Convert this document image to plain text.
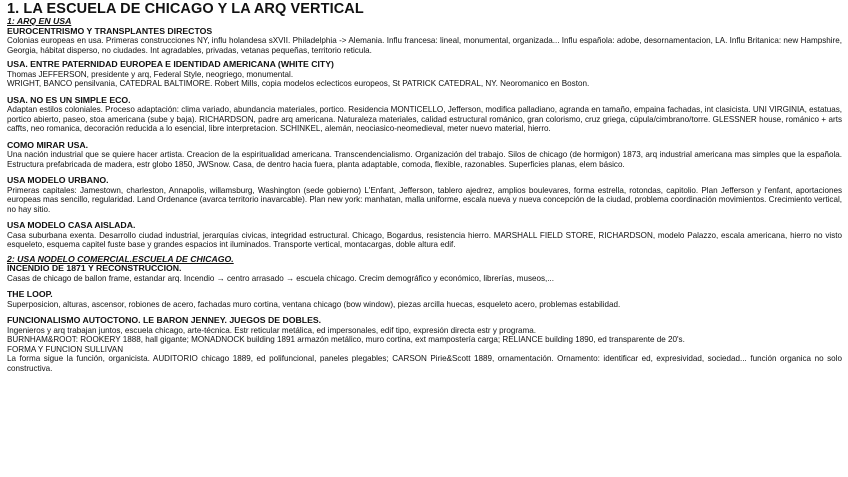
1. LA ESCUELA DE CHICAGO Y LA ARQ VERTICAL
1: ARQ EN USA
EUROCENTRISMO Y TRANSPLANTES DIRECTOS
Colonias europeas en usa. Primeras construcciones NY, influ holandesa sXVII. Philadelphia -> Alemania. Influ francesa: lineal, monumental, organizada... Influ española: adobe, desornamentacion, LA. Influ Britanica: new Hampshire, Georgia, hábitat disperso, no ciudades. Int agradables, privadas, vetanas pequeñas, territorio reticula.
USA. ENTRE PATERNIDAD EUROPEA E IDENTIDAD AMERICANA (WHITE CITY)
Thomas JEFFERSON, presidente y arq, Federal Style, neogriego, monumental.
WRIGHT, BANCO pensilvania, CATEDRAL BALTIMORE. Robert Mills, copia modelos eclecticos europeos, St PATRICK CATEDRAL, NY. Neoromanico en Boston.
USA. NO ES UN SIMPLE ECO.
Adaptan estilos coloniales. Proceso adaptación: clima variado, abundancia materiales, portico. Residencia MONTICELLO, Jefferson, modifica palladiano, agranda en tamaño, empaina fachadas, int clasicista. UNI VIRGINIA, estatuas, portico abierto, paseo, stoa americana (sube y baja). RICHARDSON, padre arq americana. Naturaleza materiales, calidad estructural románico, gran colorismo, cruz griega, cúpula/cimbrano/torre. GLESSNER house, románico + arts caffts, neo romanica, decoración reducida a lo esencial, libre interpretacion. SCHINKEL, alemán, neociasico-neomedieval, meter nuevo material, hierro.
COMO MIRAR USA.
Una nación industrial que se quiere hacer artista. Creacion de la espiritualidad americana. Transcendencialismo. Organización del trabajo. Silos de chicago (de hormigon) 1873, arq industrial americana mas simples que la española. Estructura prefabricada de madera, estr globo 1850, JWSnow. Casa, de dentro hacia fuera, planta adaptable, comoda, flexible, razonables. Superficies planas, elem básico.
USA MODELO URBANO.
Primeras capitales: Jamestown, charleston, Annapolis, willamsburg, Washington (sede gobierno) L'Enfant, Jefferson, tablero ajedrez, amplios boulevares, forma estrella, rotondas, capitolio. Plan Jefferson y l'enfant, aportaciones europeas mas sencillo, regularidad. Land Ordenance (avarca territorio inavarcable). Plan new york: manhatan, malla uniforme, escala nueva y nueva concepción de la ciudad, problema coordinación movimientos. Crecimiento vertical, no hay sitio.
USA MODELO CASA AISLADA.
Casa suburbana exenta. Desarrollo ciudad industrial, jerarquías civicas, integridad estructural. Chicago, Bogardus, resistencia hierro. MARSHALL FIELD STORE, RICHARDSON, modelo Palazzo, escala americana, hierro no visto esqueleto, esquema capitel fuste base y grandes espacios int iluminados. Transporte vertical, montacargas, doble altura edif.
2: USA NODELO COMERCIAL.ESCUELA DE CHICAGO.
INCENDIO DE 1871 Y RECONSTRUCCION.
Casas de chicago de ballon frame, estandar arq. Incendio → centro arrasado → escuela chicago. Crecim demográfico y económico, librerías, museos,...
THE LOOP.
Superposicion, alturas, ascensor, robiones de acero, fachadas muro cortina, ventana chicago (bow window), piezas arcilla huecas, esqueleto acero, problemas estabilidad.
FUNCIONALISMO AUTOCTONO. LE BARON JENNEY. JUEGOS DE DOBLES.
Ingenieros y arq trabajan juntos, escuela chicago, arte-técnica. Estr reticular metálica, ed impersonales, edif tipo, expresión directa estr y programa.
BURNHAM&ROOT: ROOKERY 1888, hall gigante; MONADNOCK building 1891 armazón metálico, muro cortina, ext mampostería carga; RELIANCE building 1890, ed transparente de 20's.
FORMA Y FUNCION SULLIVAN
La forma sigue la función, organicista. AUDITORIO chicago 1889, ed polifuncional, paneles plegables; CARSON Pirie&Scott 1889, ornamentación. Ornamento: identificar ed, expresividad, sociedad... función organica no solo constructiva.
